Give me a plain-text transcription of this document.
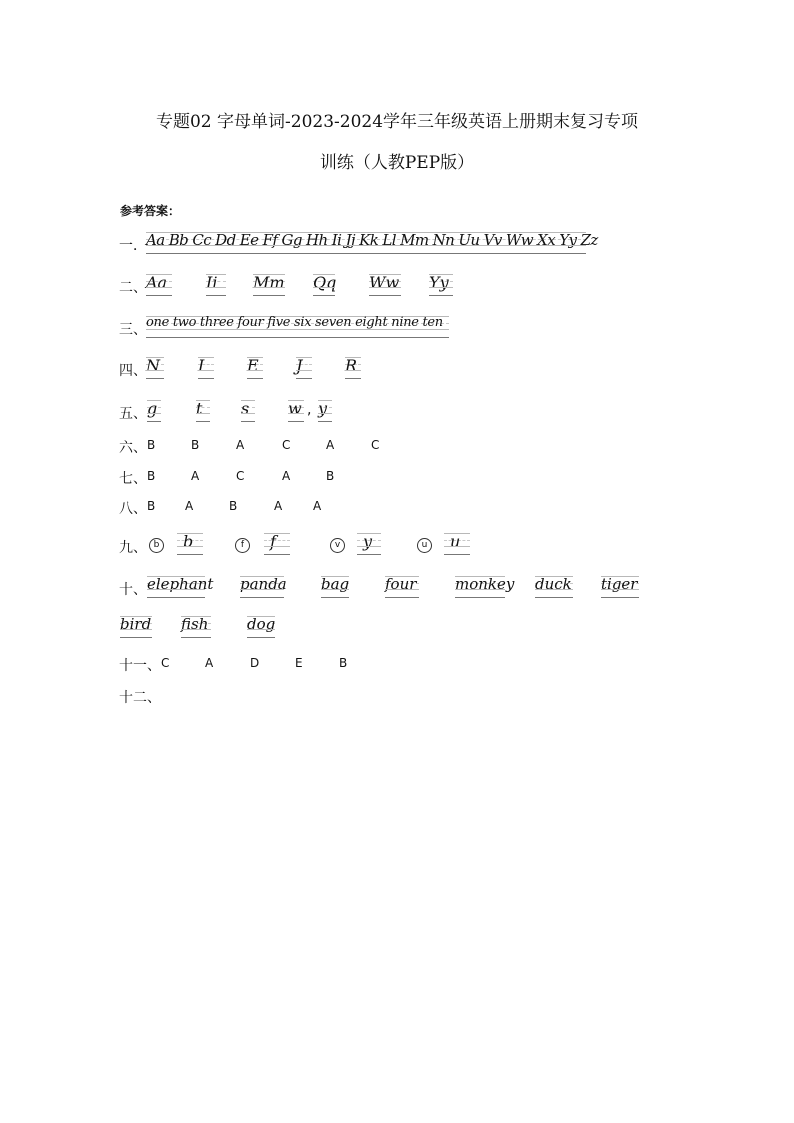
专题02 字母单词-2023-2024学年三年级英语上册期末复习专项
训练（人教PEP版）
参考答案：
一． Aa Bb Cc Dd Ee Ff Gg Hh Ii Jj Kk Ll Mm Nn Uu Vv Ww Xx Yy Zz
二、 Aa Ii Mm Qq Ww Yy
三、 one two three four five six seven eight nine ten
四、 N I	E J	R
五、 g t s w , y
六、 B	B	A	C	A	C
七、 B	A	C	A	B
八、 B A	B	A	A
九、 b b	f	f	v	y	u u
十、 elephant panda bag four	monkey duck tiger
bird fish	dog
十一、 C	A	D	E	B
十二、
